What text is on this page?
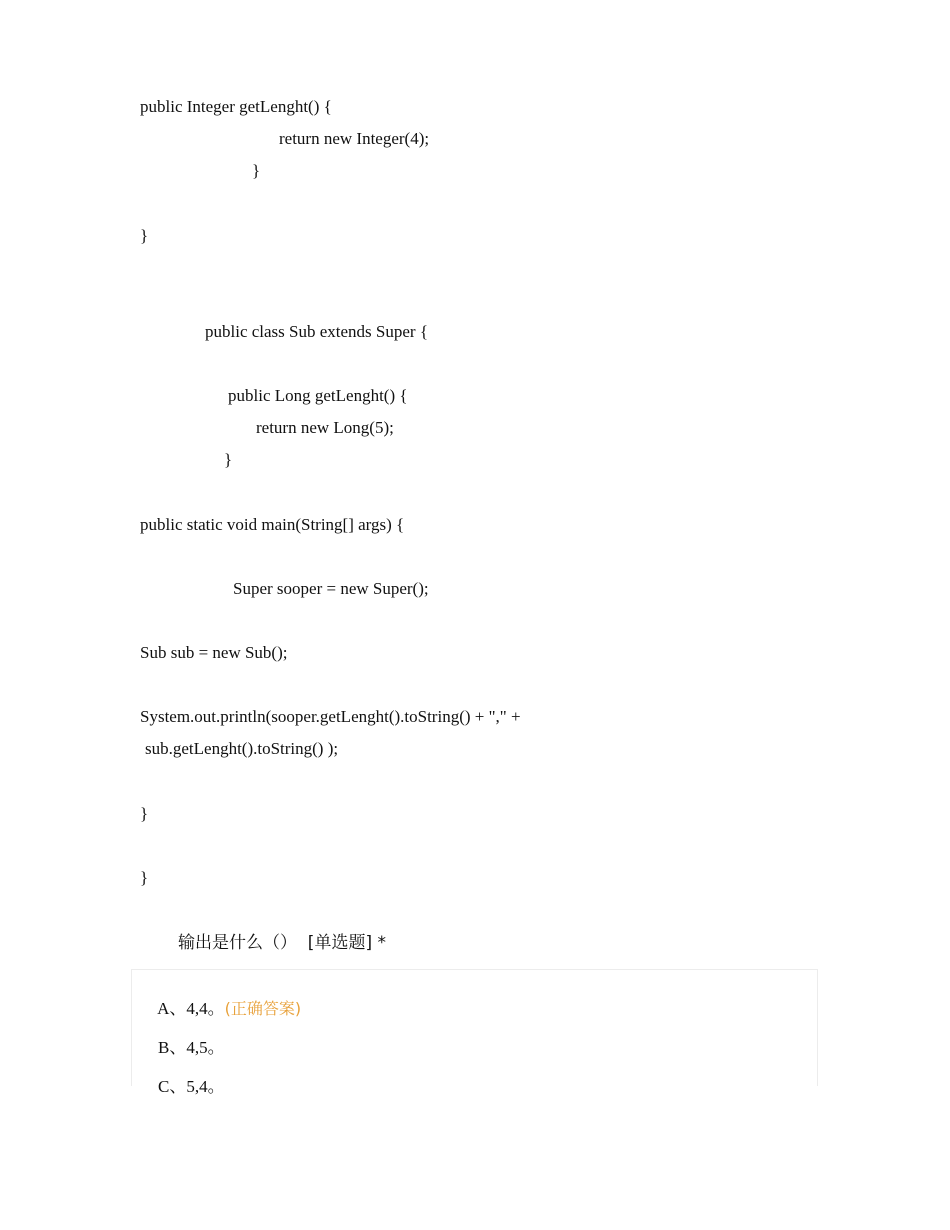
public Integer getLenght() {
return new Integer(4);
}
}
public class Sub extends Super {
public Long getLenght() {
return new Long(5);
}
public static void main(String[] args) {
Super sooper = new Super();
Sub sub = new Sub();
System.out.println(sooper.getLenght().toString() + "," +
sub.getLenght().toString() );
}
}
输出是什么（）  [单选题] *

A、4,4。(正确答案)

B、4,5。

C、5,4。
